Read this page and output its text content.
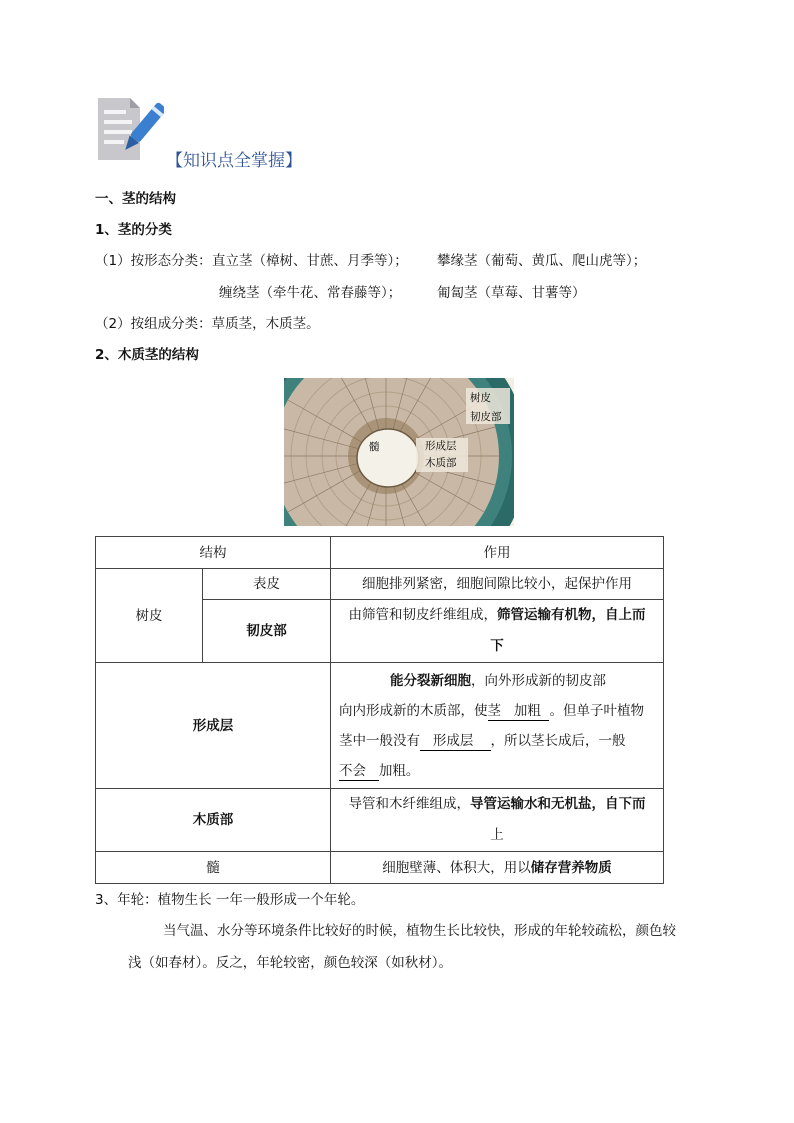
【知识点全掌握】
一、茎的结构
1、茎的分类
（1）按形态分类： 直立茎（樟树、甘蔗、月季等）； 攀缘茎（葡萄、黄瓜、爬山虎等）；
缠绕茎（牵牛花、常春藤等）；	匍匐茎（草莓、甘薯等）
（2）按组成分类：草质茎，木质茎。
2、木质茎的结构
树皮
韧皮部
髓	形成层
木质部
结构		作用
树皮	表皮	细胞排列紧密，细胞间隙比较小，起保护作用
	韧皮部	由筛管和韧皮纤维组成，筛管运输有机物，自上而
下
形成层		能分裂新细胞，向外形成新的韧皮部
向内形成新的木质部，使茎 加粗 。但单子叶植物
茎中一般没有 形成层 ，所以茎长成后，一般
不会 加粗。

木质部		导管和木纤维组成，导管运输水和无机盐，自下而
上
髓		细胞壁薄、体积大，用以储存营养物质
3、年轮：植物生长 一年一般形成一个年轮。
当气温、水分等环境条件比较好的时候，植物生长比较快，形成的年轮较疏松，颜色较
浅（如春材）。反之，年轮较密，颜色较深（如秋材）。
